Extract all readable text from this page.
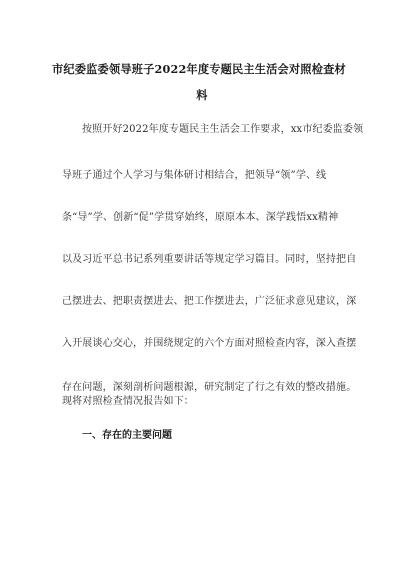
市纪委监委领导班子2022年度专题民主生活会对照检查材
料
按照开好2022年度专题民主生活会工作要求，xx市纪委监委领
导班子通过个人学习与集体研讨相结合，把领导“领”学、线
条“导”学、创新“促”学贯穿始终，原原本本、深学践悟xx精神
以及习近平总书记系列重要讲话等规定学习篇目。同时，坚持把自
己摆进去、把职责摆进去、把工作摆进去，广泛征求意见建议，深
入开展谈心交心，并围绕规定的六个方面对照检查内容，深入查摆
存在问题，深刻剖析问题根源，研究制定了行之有效的整改措施。
现将对照检查情况报告如下：
一、存在的主要问题
